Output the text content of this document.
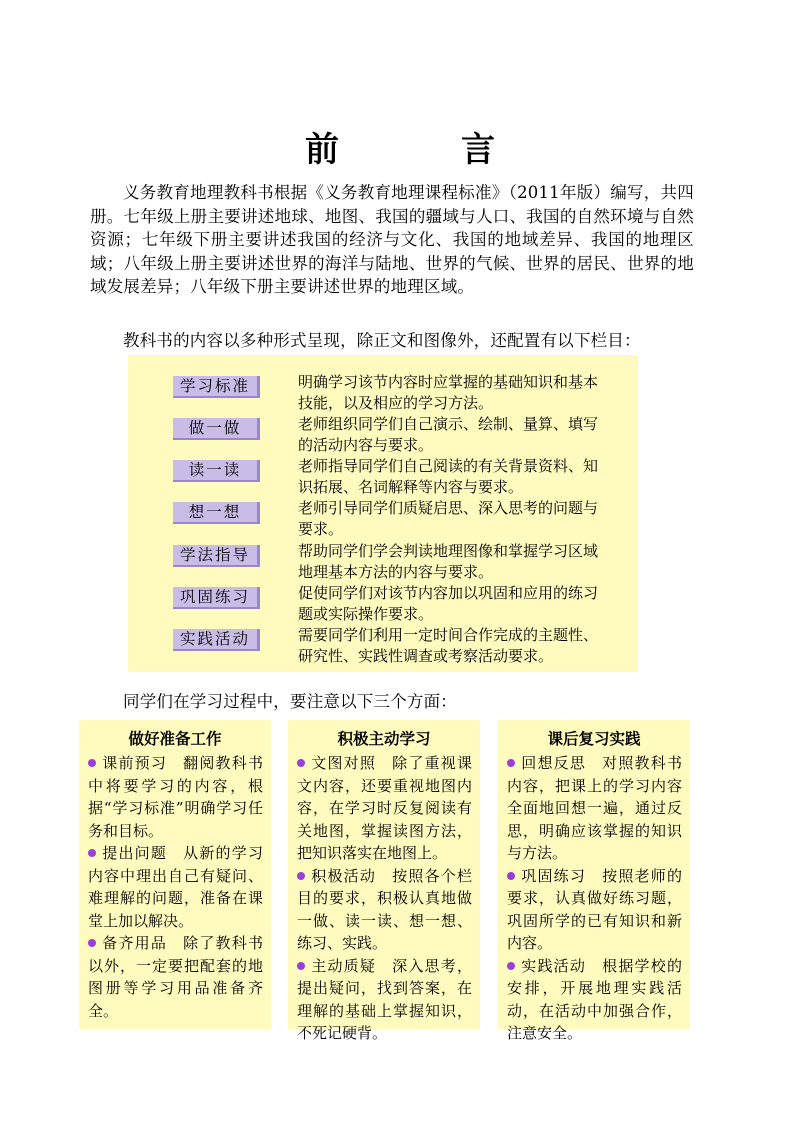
前　言

义务教育地理教科书根据《义务教育地理课程标准》（2011年版）编写，共四册。七年级上册主要讲述地球、地图、我国的疆域与人口、我国的自然环境与自然资源；七年级下册主要讲述我国的经济与文化、我国的地域差异、我国的地理区域；八年级上册主要讲述世界的海洋与陆地、世界的气候、世界的居民、世界的地域发展差异；八年级下册主要讲述世界的地理区域。

教科书的内容以多种形式呈现，除正文和图像外，还配置有以下栏目：

学习标准	明确学习该节内容时应掌握的基础知识和基本技能，以及相应的学习方法。
做一做	老师组织同学们自己演示、绘制、量算、填写的活动内容与要求。
读一读	老师指导同学们自己阅读的有关背景资料、知识拓展、名词解释等内容与要求。
想一想	老师引导同学们质疑启思、深入思考的问题与要求。
学法指导	帮助同学们学会判读地理图像和掌握学习区域地理基本方法的内容与要求。
巩固练习	促使同学们对该节内容加以巩固和应用的练习题或实际操作要求。
实践活动	需要同学们利用一定时间合作完成的主题性、研究性、实践性调查或考察活动要求。

同学们在学习过程中，要注意以下三个方面：

做好准备工作

课前预习 翻阅教科书中将要学习的内容，根据“学习标准”明确学习任务和目标。

提出问题 从新的学习内容中理出自己有疑问、难理解的问题，准备在课堂上加以解决。

备齐用品 除了教科书以外，一定要把配套的地图册等学习用品准备齐全。

积极主动学习

文图对照 除了重视课文内容，还要重视地图内容，在学习时反复阅读有关地图，掌握读图方法，把知识落实在地图上。

积极活动 按照各个栏目的要求，积极认真地做一做、读一读、想一想、练习、实践。

主动质疑 深入思考，提出疑问，找到答案，在理解的基础上掌握知识，不死记硬背。

课后复习实践

回想反思 对照教科书内容，把课上的学习内容全面地回想一遍，通过反思，明确应该掌握的知识与方法。

巩固练习 按照老师的要求，认真做好练习题，巩固所学的已有知识和新内容。

实践活动 根据学校的安排，开展地理实践活动，在活动中加强合作，注意安全。
